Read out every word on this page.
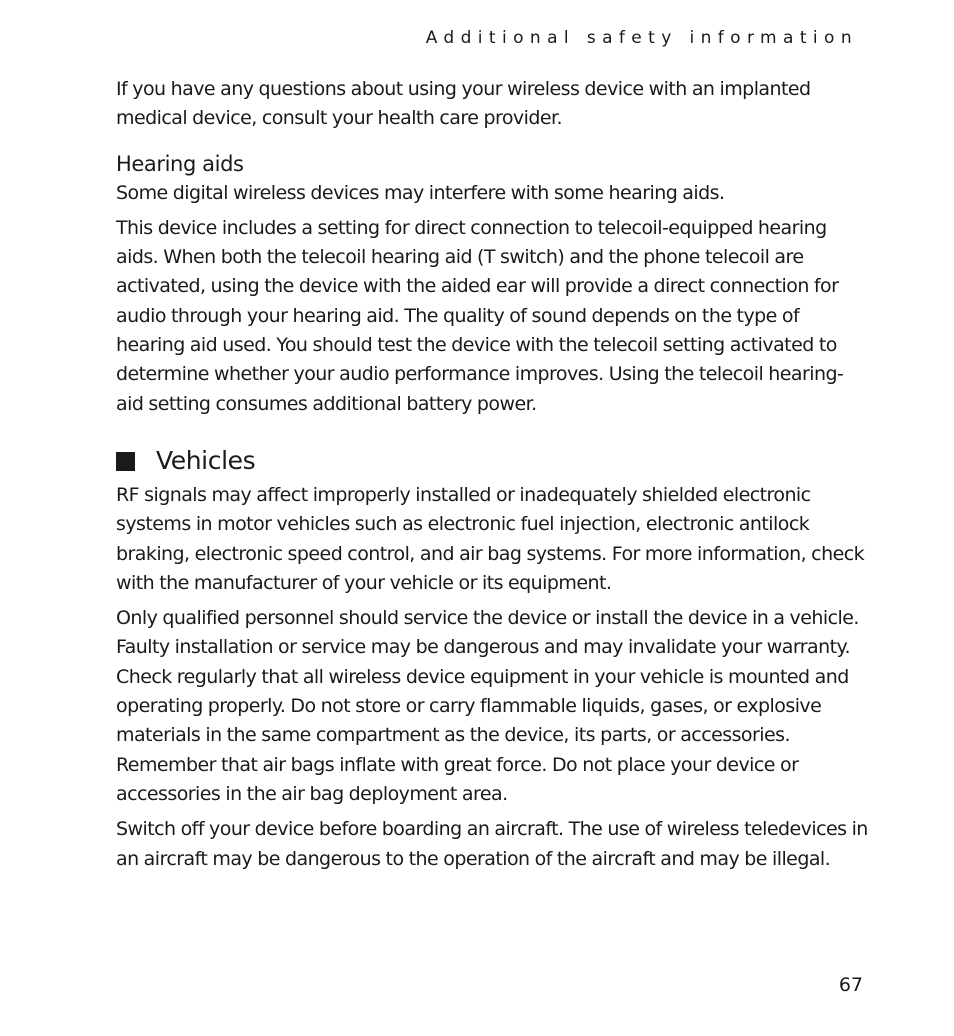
Additional safety information

If you have any questions about using your wireless device with an implanted medical device, consult your health care provider.

Hearing aids

Some digital wireless devices may interfere with some hearing aids.

This device includes a setting for direct connection to telecoil-equipped hearing aids. When both the telecoil hearing aid (T switch) and the phone telecoil are activated, using the device with the aided ear will provide a direct connection for audio through your hearing aid. The quality of sound depends on the type of hearing aid used. You should test the device with the telecoil setting activated to determine whether your audio performance improves. Using the telecoil hearing-aid setting consumes additional battery power.

Vehicles

RF signals may affect improperly installed or inadequately shielded electronic systems in motor vehicles such as electronic fuel injection, electronic antilock braking, electronic speed control, and air bag systems. For more information, check with the manufacturer of your vehicle or its equipment.

Only qualified personnel should service the device or install the device in a vehicle. Faulty installation or service may be dangerous and may invalidate your warranty. Check regularly that all wireless device equipment in your vehicle is mounted and operating properly. Do not store or carry flammable liquids, gases, or explosive materials in the same compartment as the device, its parts, or accessories. Remember that air bags inflate with great force. Do not place your device or accessories in the air bag deployment area.

Switch off your device before boarding an aircraft. The use of wireless teledevices in an aircraft may be dangerous to the operation of the aircraft and may be illegal.

67
